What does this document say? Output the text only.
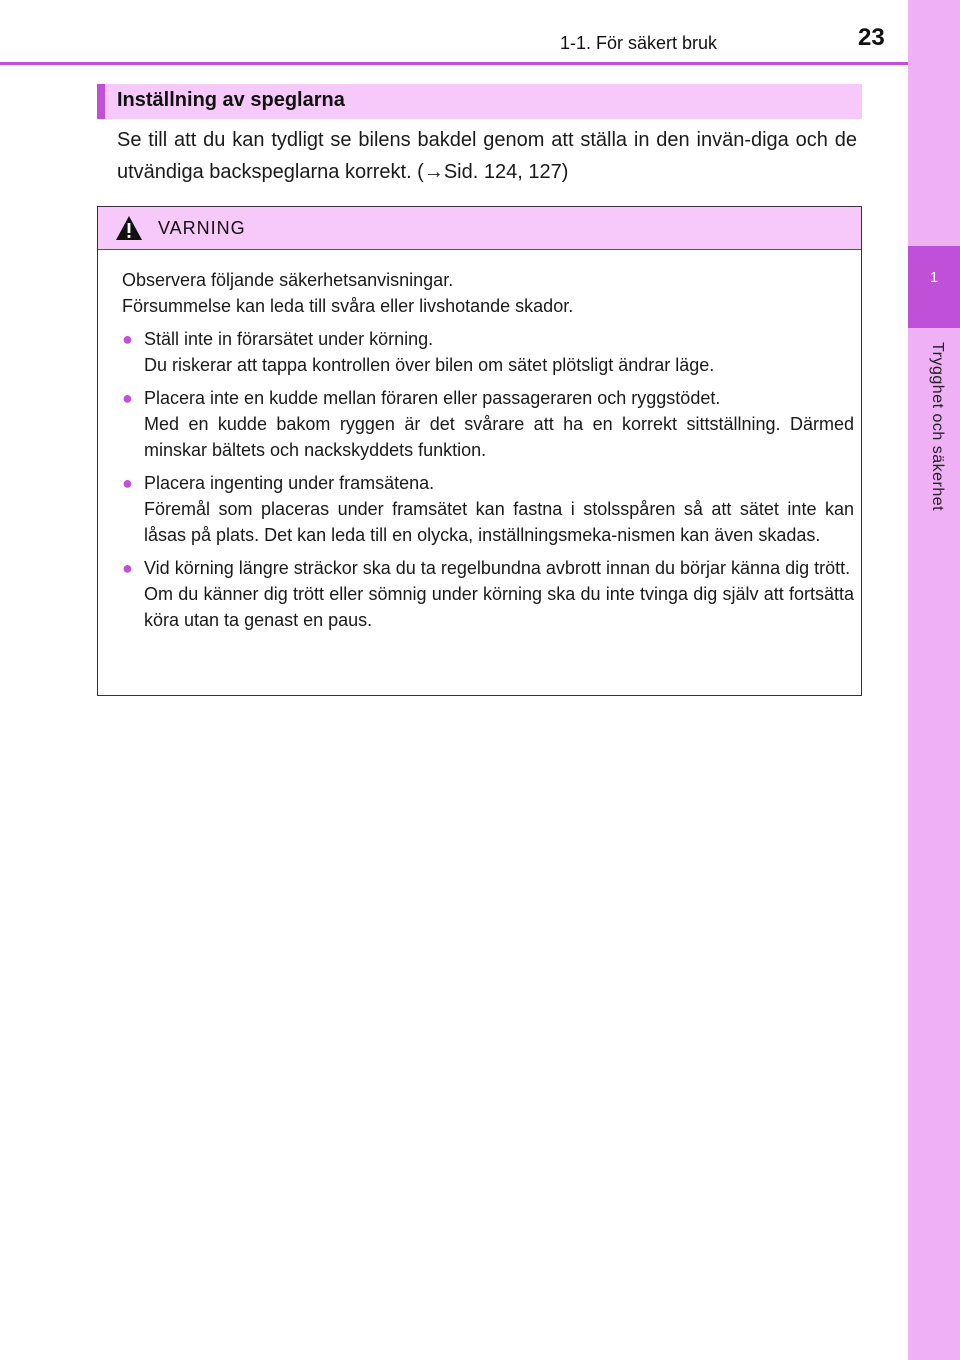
1-1. För säkert bruk	23
1
Trygghet och säkerhet
Inställning av speglarna
Se till att du kan tydligt se bilens bakdel genom att ställa in den invän-diga och de utvändiga backspeglarna korrekt. (→Sid. 124, 127)
VARNING

Observera följande säkerhetsanvisningar.

Försummelse kan leda till svåra eller livshotande skador.

● Ställ inte in förarsätet under körning.

Du riskerar att tappa kontrollen över bilen om sätet plötsligt ändrar läge.

● Placera inte en kudde mellan föraren eller passageraren och ryggstödet.

Med en kudde bakom ryggen är det svårare att ha en korrekt sittställning. Därmed minskar bältets och nackskyddets funktion.

● Placera ingenting under framsätena.

Föremål som placeras under framsätet kan fastna i stolsspåren så att sätet inte kan låsas på plats. Det kan leda till en olycka, inställningsmeka-nismen kan även skadas.

● Vid körning längre sträckor ska du ta regelbundna avbrott innan du börjar känna dig trött.

Om du känner dig trött eller sömnig under körning ska du inte tvinga dig själv att fortsätta köra utan ta genast en paus.
